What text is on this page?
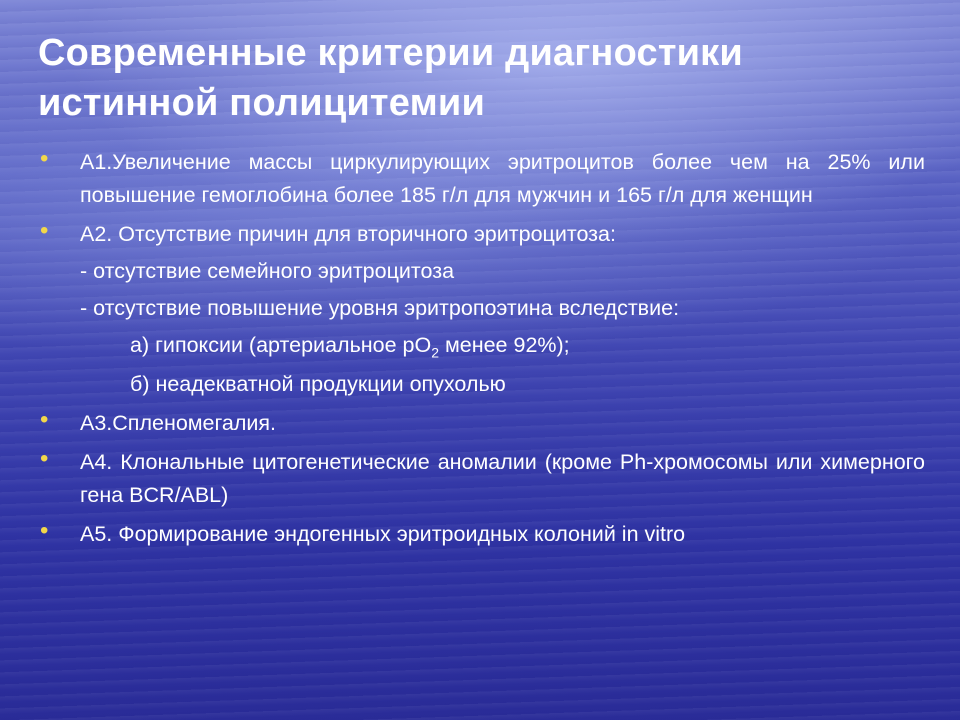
Современные критерии диагностики
истинной полицитемии
• А1.Увеличение массы циркулирующих эритроцитов более чем на 25% или повышение гемоглобина более 185 г/л для мужчин и 165 г/л для женщин
• А2. Отсутствие причин для вторичного эритроцитоза:
- отсутствие семейного эритроцитоза
- отсутствие повышение уровня эритропоэтина вследствие:
а) гипоксии (артериальное $рО_2$ менее 92%);
б) неадекватной продукции опухолью
• А3.Спленомегалия.
• А4. Клональные цитогенетические аномалии (кроме Ph-хромосомы или химерного гена BCR/ABL)
• А5. Формирование эндогенных эритроидных колоний in vitro
